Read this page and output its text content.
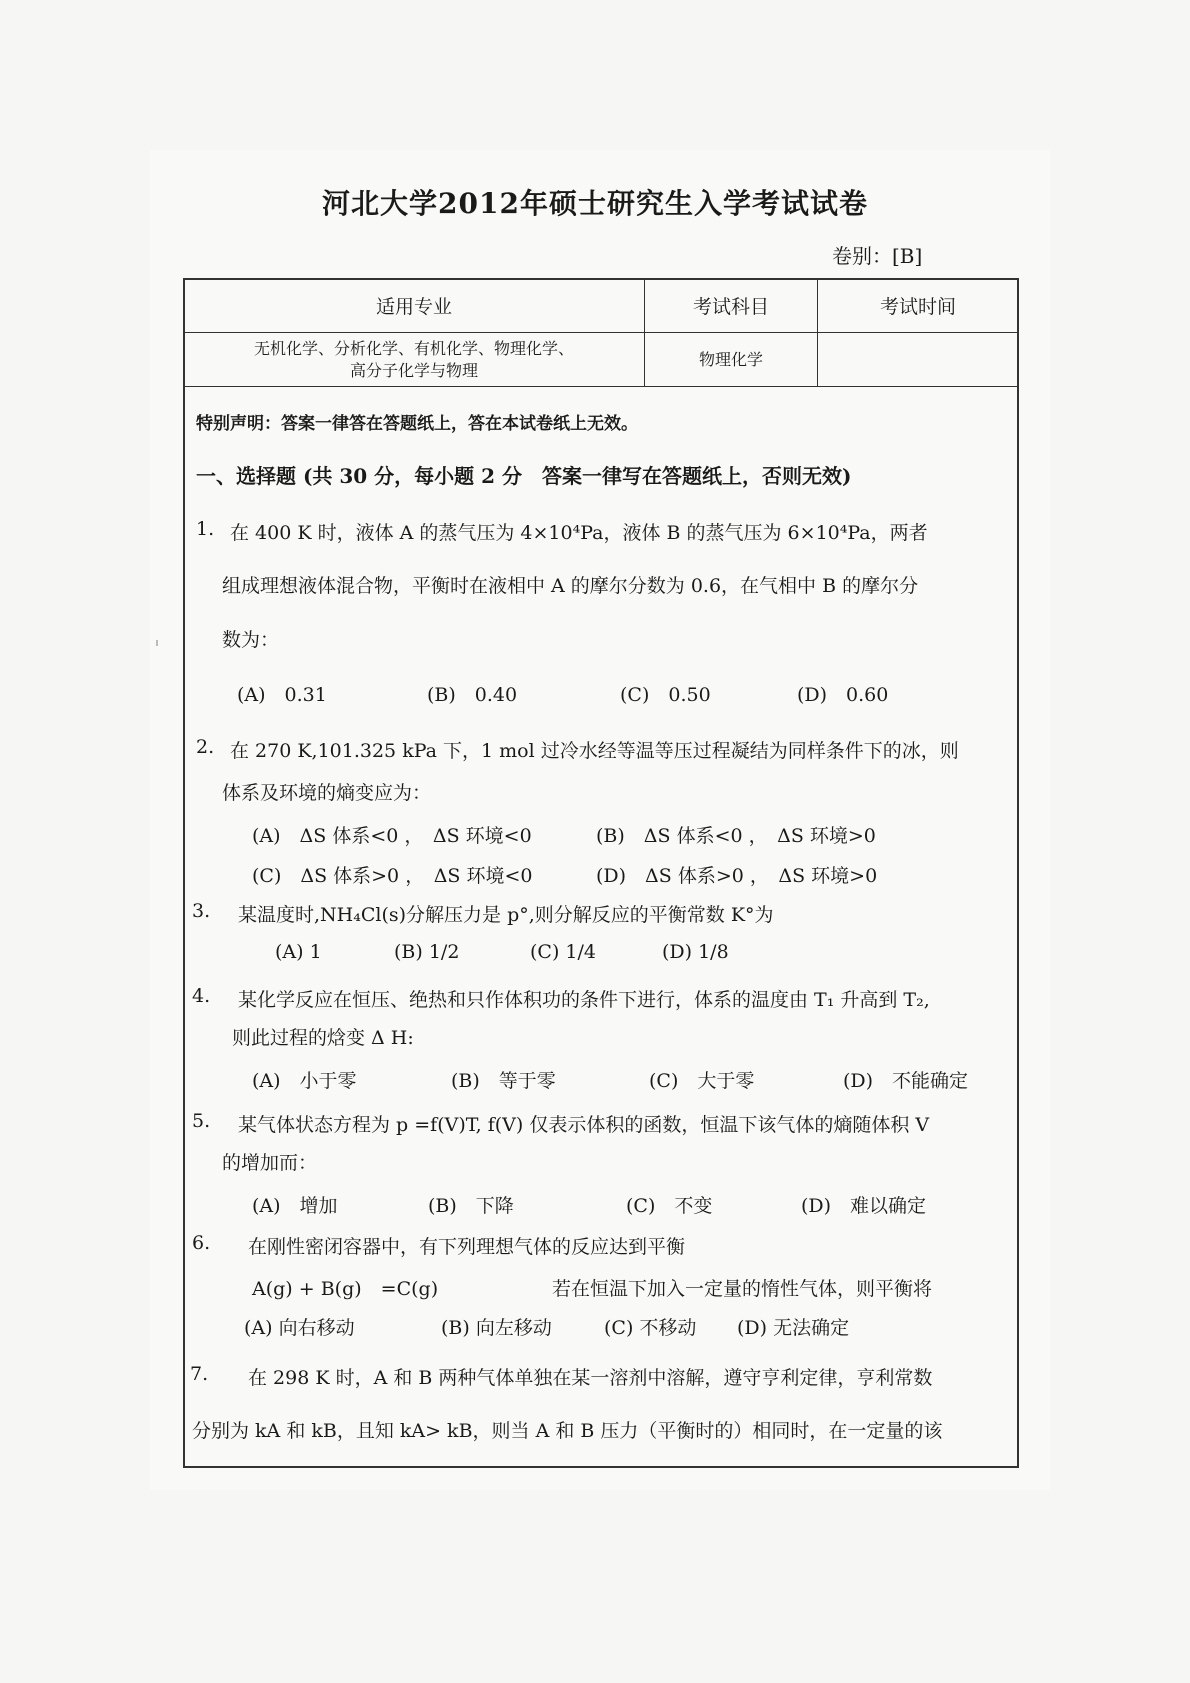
河北大学2012年硕士研究生入学考试试卷
卷别：[B]
适用专业	考试科目	考试时间

无机化学、分析化学、有机化学、物理化学、
高分子化学与物理	物理化学	
特别声明：答案一律答在答题纸上，答在本试卷纸上无效。
一、选择题 (共 30 分，每小题 2 分　答案一律写在答题纸上，否则无效)
1. 在 400 K 时，液体 A 的蒸气压为 4×10⁴Pa，液体 B 的蒸气压为 6×10⁴Pa，两者
组成理想液体混合物，平衡时在液相中 A 的摩尔分数为 0.6，在气相中 B 的摩尔分
数为：
(A)　0.31	(B)　0.40	(C)　0.50	(D)　0.60
2. 在 270 K,101.325 kPa 下，1 mol 过冷水经等温等压过程凝结为同样条件下的冰，则
体系及环境的熵变应为：
(A)　ΔS 体系<0 ，　ΔS 环境<0	(B)　ΔS 体系<0 ，　ΔS 环境>0
(C)　ΔS 体系>0 ，　ΔS 环境<0	(D)　ΔS 体系>0 ，　ΔS 环境>0
3. 某温度时,NH₄Cl(s)分解压力是 p°,则分解反应的平衡常数 K°为
(A) 1	(B) 1/2	(C) 1/4	(D) 1/8
4. 某化学反应在恒压、绝热和只作体积功的条件下进行，体系的温度由 T₁ 升高到 T₂,
则此过程的焓变 Δ H:
(A)　小于零	(B)　等于零	(C)　大于零	(D)　不能确定
5. 某气体状态方程为 p =f(V)T, f(V) 仅表示体积的函数，恒温下该气体的熵随体积 V
的增加而：
(A)　增加	(B)　下降	(C)　不变	(D)　难以确定
6. 在刚性密闭容器中，有下列理想气体的反应达到平衡
A(g) + B(g)　=C(g)	若在恒温下加入一定量的惰性气体，则平衡将
(A) 向右移动	(B) 向左移动	(C) 不移动 (D) 无法确定
7. 在 298 K 时，A 和 B 两种气体单独在某一溶剂中溶解，遵守亨利定律，亨利常数
分别为 kA 和 kB，且知 kA> kB，则当 A 和 B 压力（平衡时的）相同时，在一定量的该
